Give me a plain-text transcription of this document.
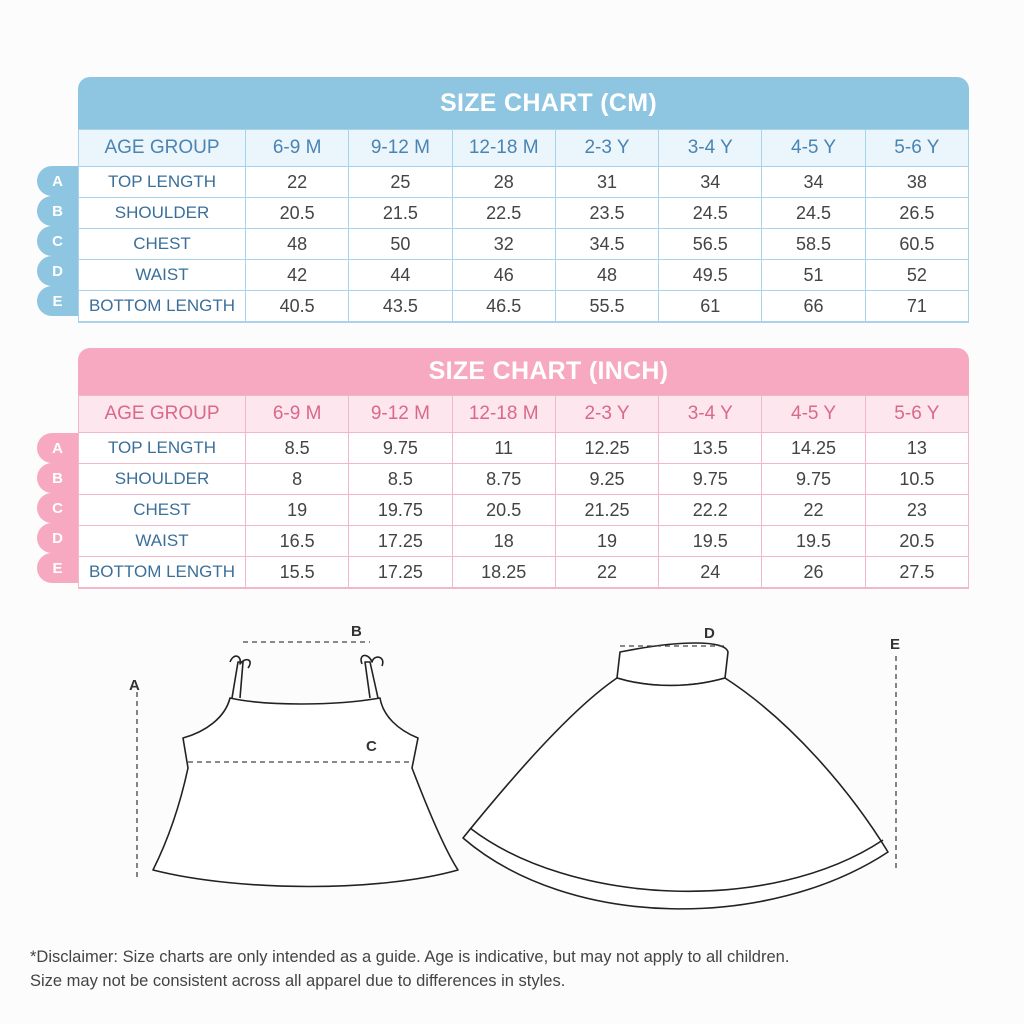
A
B
C
D
E
SIZE CHART (CM)
AGE GROUP	6-9 M	9-12 M	12-18 M	2-3 Y	3-4 Y	4-5 Y	5-6 Y
TOP LENGTH	22	25	28	31	34	34	38
SHOULDER	20.5	21.5	22.5	23.5	24.5	24.5	26.5
CHEST	48	50	32	34.5	56.5	58.5	60.5
WAIST	42	44	46	48	49.5	51	52
BOTTOM LENGTH	40.5	43.5	46.5	55.5	61	66	71
A
B
C
D
E
SIZE CHART (INCH)
AGE GROUP	6-9 M	9-12 M	12-18 M	2-3 Y	3-4 Y	4-5 Y	5-6 Y
TOP LENGTH	8.5	9.75	11	12.25	13.5	14.25	13
SHOULDER	8	8.5	8.75	9.25	9.75	9.75	10.5
CHEST	19	19.75	20.5	21.25	22.2	22	23
WAIST	16.5	17.25	18	19	19.5	19.5	20.5
BOTTOM LENGTH	15.5	17.25	18.25	22	24	26	27.5
A
B
C
D
E
*Disclaimer: Size charts are only intended as a guide. Age is indicative, but may not apply to all children.
Size may not be consistent across all apparel due to differences in styles.
